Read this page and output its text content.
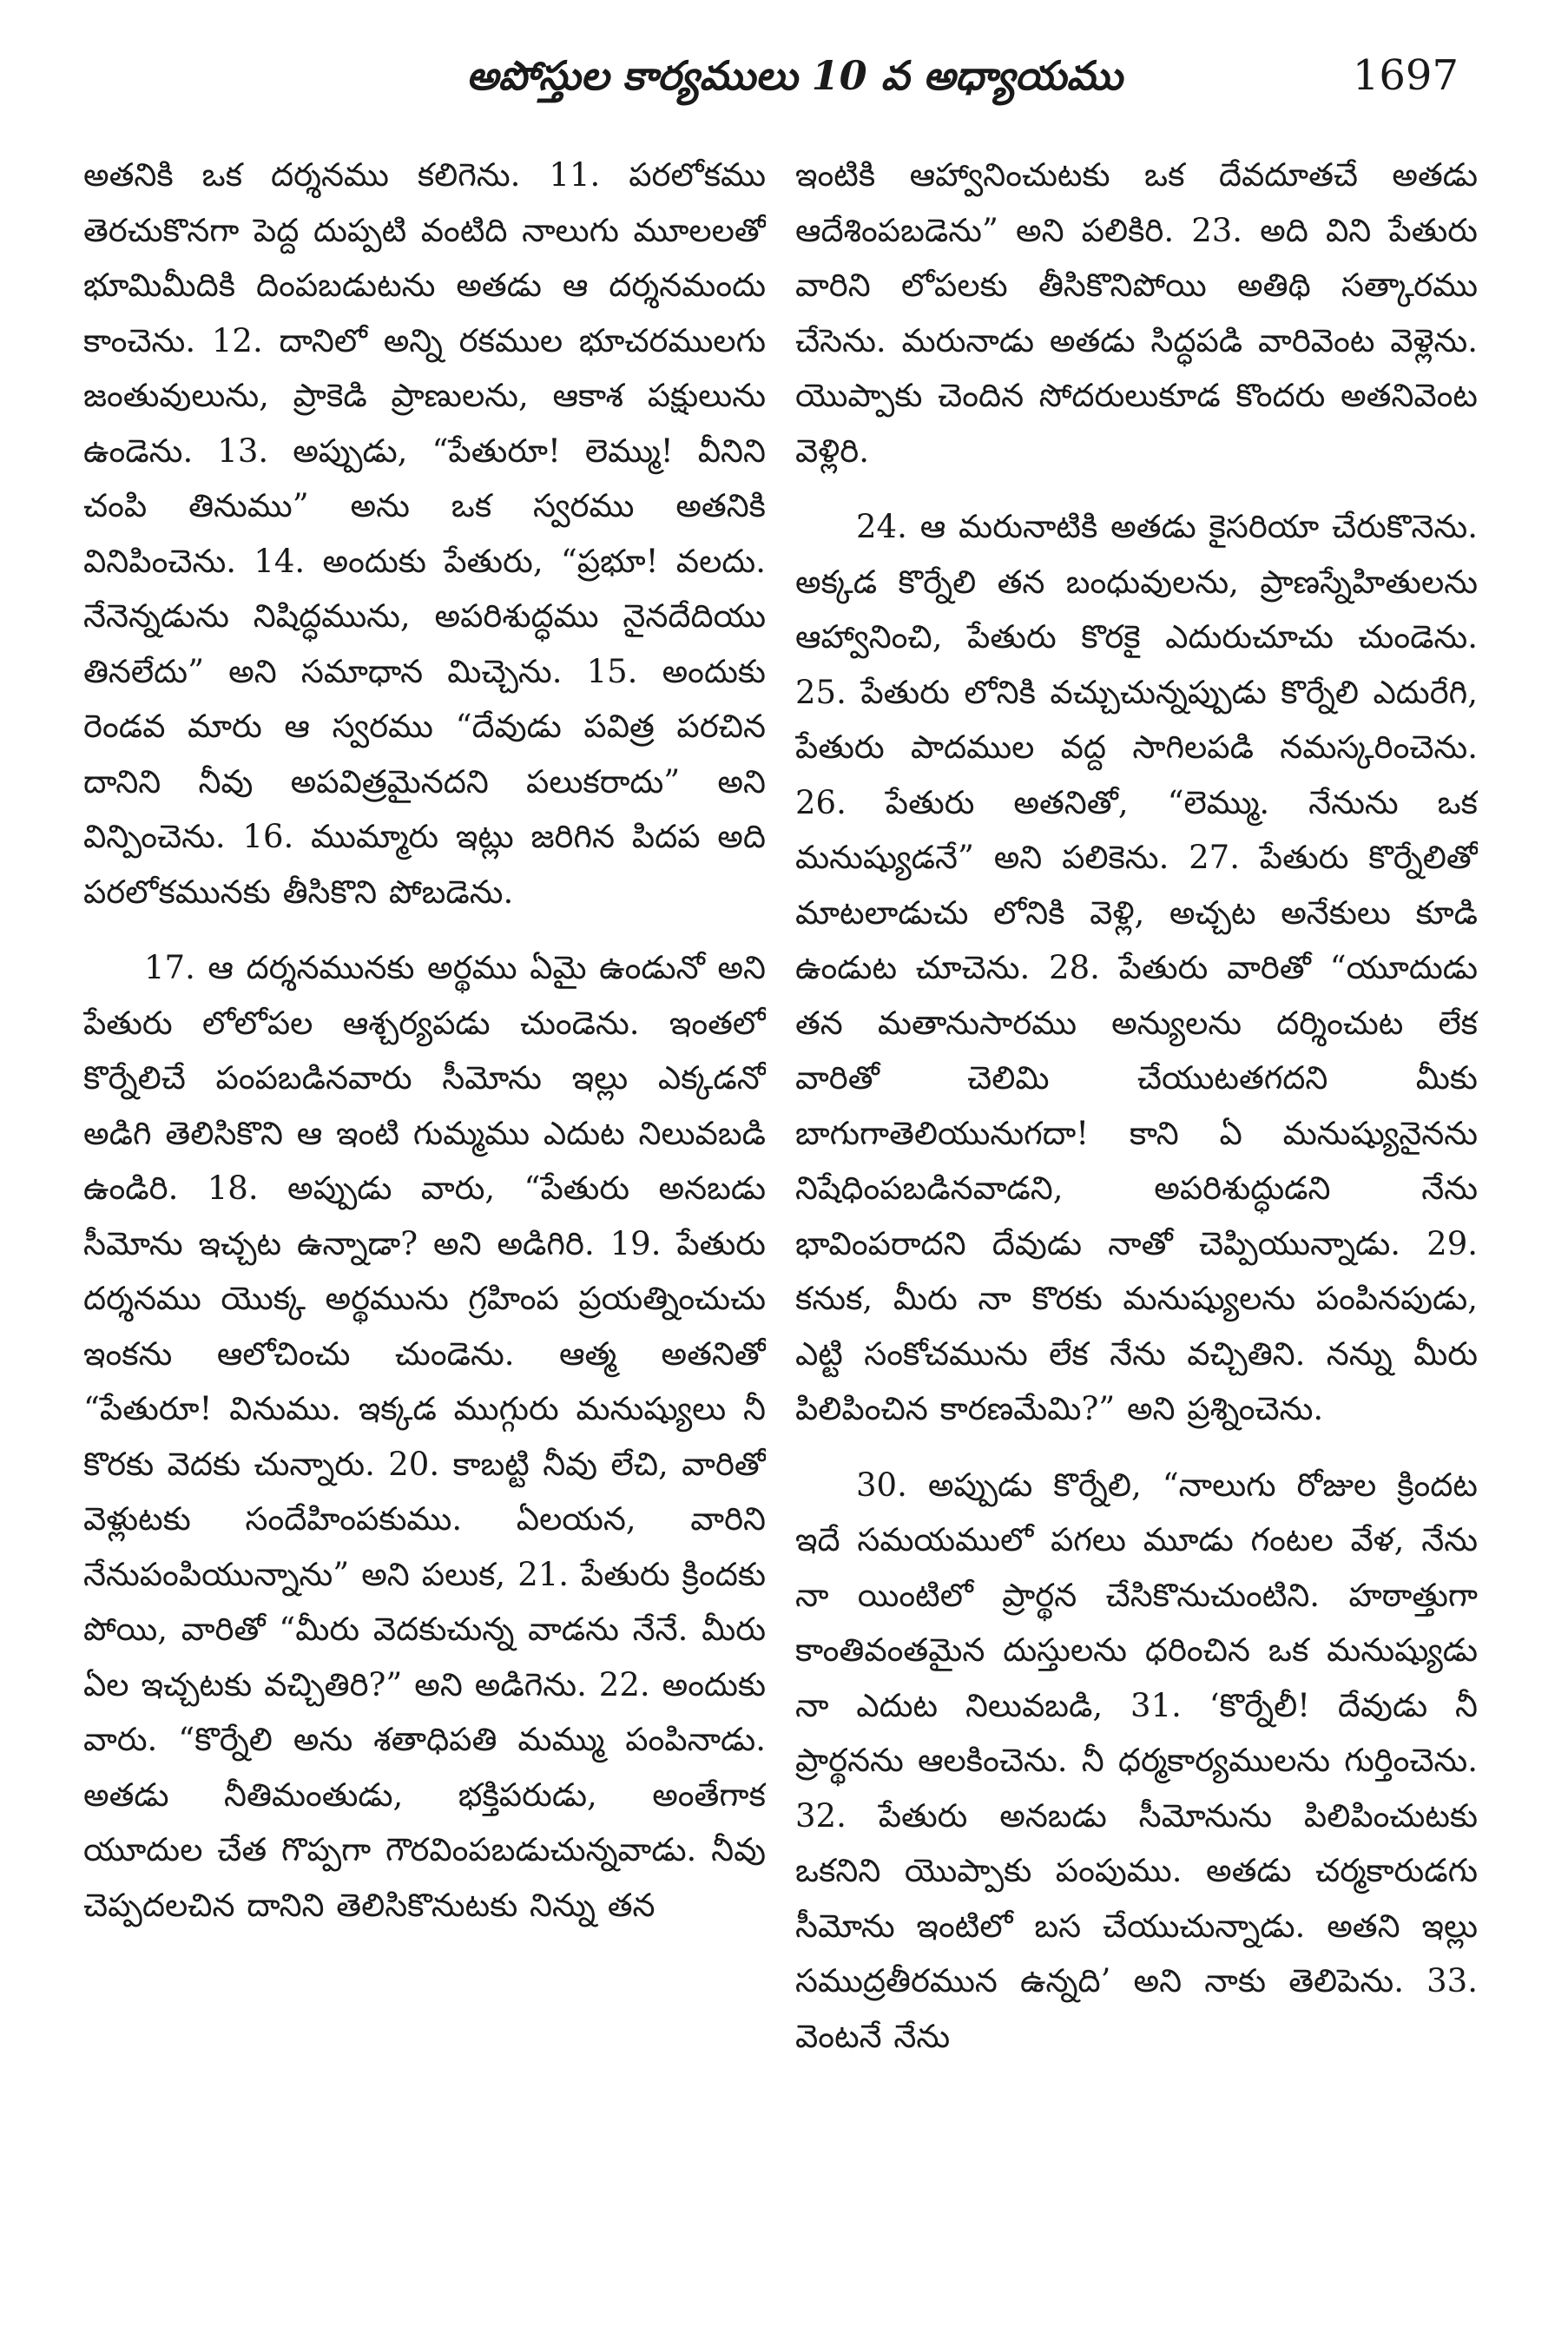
అపోస్తుల కార్యములు 10 వ అధ్యాయము	1697

అతనికి ఒక దర్శనము కలిగెను. 11. పరలోకము తెరచుకొనగా పెద్ద దుప్పటి వంటిది నాలుగు మూలలతో భూమిమీదికి దింపబడుటను అతడు ఆ దర్శనమందు కాంచెను. 12. దానిలో అన్ని రకముల భూచరములగు జంతువులును, ప్రాకెడి ప్రాణులను, ఆకాశ పక్షులును ఉండెను. 13. అప్పుడు, “పేతురూ! లెమ్ము! వీనిని చంపి తినుము” అను ఒక స్వరము అతనికి వినిపించెను. 14. అందుకు పేతురు, “ప్రభూ! వలదు. నేనెన్నడును నిషిద్ధమును, అపరిశుద్ధము నైనదేదియు తినలేదు” అని సమాధాన మిచ్చెను. 15. అందుకు రెండవ మారు ఆ స్వరము “దేవుడు పవిత్ర పరచిన దానిని నీవు అపవిత్రమైనదని పలుకరాదు” అని విన్పించెను. 16. ముమ్మారు ఇట్లు జరిగిన పిదప అది పరలోకమునకు తీసికొని పోబడెను.

17. ఆ దర్శనమునకు అర్థము ఏమై ఉండునో అని పేతురు లోలోపల ఆశ్చర్యపడు చుండెను. ఇంతలో కొర్నేలిచే పంపబడినవారు సీమోను ఇల్లు ఎక్కడనో అడిగి తెలిసికొని ఆ ఇంటి గుమ్మము ఎదుట నిలువబడి ఉండిరి. 18. అప్పుడు వారు, “పేతురు అనబడు సీమోను ఇచ్చట ఉన్నాడా? అని అడిగిరి. 19. పేతురు దర్శనము యొక్క అర్థమును గ్రహింప ప్రయత్నించుచు ఇంకను ఆలోచించు చుండెను. ఆత్మ అతనితో “పేతురూ! వినుము. ఇక్కడ ముగ్గురు మనుష్యులు నీ కొరకు వెదకు చున్నారు. 20. కాబట్టి నీవు లేచి, వారితో వెళ్లుటకు సందేహింపకుము. ఏలయన, వారిని నేనుపంపియున్నాను” అని పలుక, 21. పేతురు క్రిందకు పోయి, వారితో “మీరు వెదకుచున్న వాడను నేనే. మీరు ఏల ఇచ్చటకు వచ్చితిరి?” అని అడిగెను. 22. అందుకు వారు. “కొర్నేలి అను శతాధిపతి మమ్ము పంపినాడు. అతడు నీతిమంతుడు, భక్తిపరుడు, అంతేగాక యూదుల చేత గొప్పగా గౌరవింపబడుచున్నవాడు. నీవు చెప్పదలచిన దానిని తెలిసికొనుటకు నిన్ను తన

ఇంటికి ఆహ్వానించుటకు ఒక దేవదూతచే అతడు ఆదేశింపబడెను” అని పలికిరి. 23. అది విని పేతురు వారిని లోపలకు తీసికొనిపోయి అతిథి సత్కారము చేసెను. మరునాడు అతడు సిద్ధపడి వారివెంట వెళ్లెను. యొప్పాకు చెందిన సోదరులుకూడ కొందరు అతనివెంట వెళ్లిరి.

24. ఆ మరునాటికి అతడు కైసరియా చేరుకొనెను. అక్కడ కొర్నేలి తన బంధువులను, ప్రాణస్నేహితులను ఆహ్వానించి, పేతురు కొరకై ఎదురుచూచు చుండెను. 25. పేతురు లోనికి వచ్చుచున్నప్పుడు కొర్నేలి ఎదురేగి, పేతురు పాదముల వద్ద సాగిలపడి నమస్కరించెను. 26. పేతురు అతనితో, “లెమ్ము. నేనును ఒక మనుష్యుడనే” అని పలికెను. 27. పేతురు కొర్నేలితో మాటలాడుచు లోనికి వెళ్లి, అచ్చట అనేకులు కూడి ఉండుట చూచెను. 28. పేతురు వారితో “యూదుడు తన మతానుసారము అన్యులను దర్శించుట లేక వారితో చెలిమి చేయుటతగదని మీకు బాగుగాతెలియునుగదా! కాని ఏ మనుష్యునైనను నిషేధింపబడినవాడని, అపరిశుద్ధుడని నేను భావింపరాదని దేవుడు నాతో చెప్పియున్నాడు. 29. కనుక, మీరు నా కొరకు మనుష్యులను పంపినపుడు, ఎట్టి సంకోచమును లేక నేను వచ్చితిని. నన్ను మీరు పిలిపించిన కారణమేమి?” అని ప్రశ్నించెను.

30. అప్పుడు కొర్నేలి, “నాలుగు రోజుల క్రిందట ఇదే సమయములో పగలు మూడు గంటల వేళ, నేను నా యింటిలో ప్రార్థన చేసికొనుచుంటిని. హఠాత్తుగా కాంతివంతమైన దుస్తులను ధరించిన ఒక మనుష్యుడు నా ఎదుట నిలువబడి, 31. ‘కొర్నేలీ! దేవుడు నీ ప్రార్థనను ఆలకించెను. నీ ధర్మకార్యములను గుర్తించెను. 32. పేతురు అనబడు సీమోనును పిలిపించుటకు ఒకనిని యొప్పాకు పంపుము. అతడు చర్మకారుడగు సీమోను ఇంటిలో బస చేయుచున్నాడు. అతని ఇల్లు సముద్రతీరమున ఉన్నది’ అని నాకు తెలిపెను. 33. వెంటనే నేను
